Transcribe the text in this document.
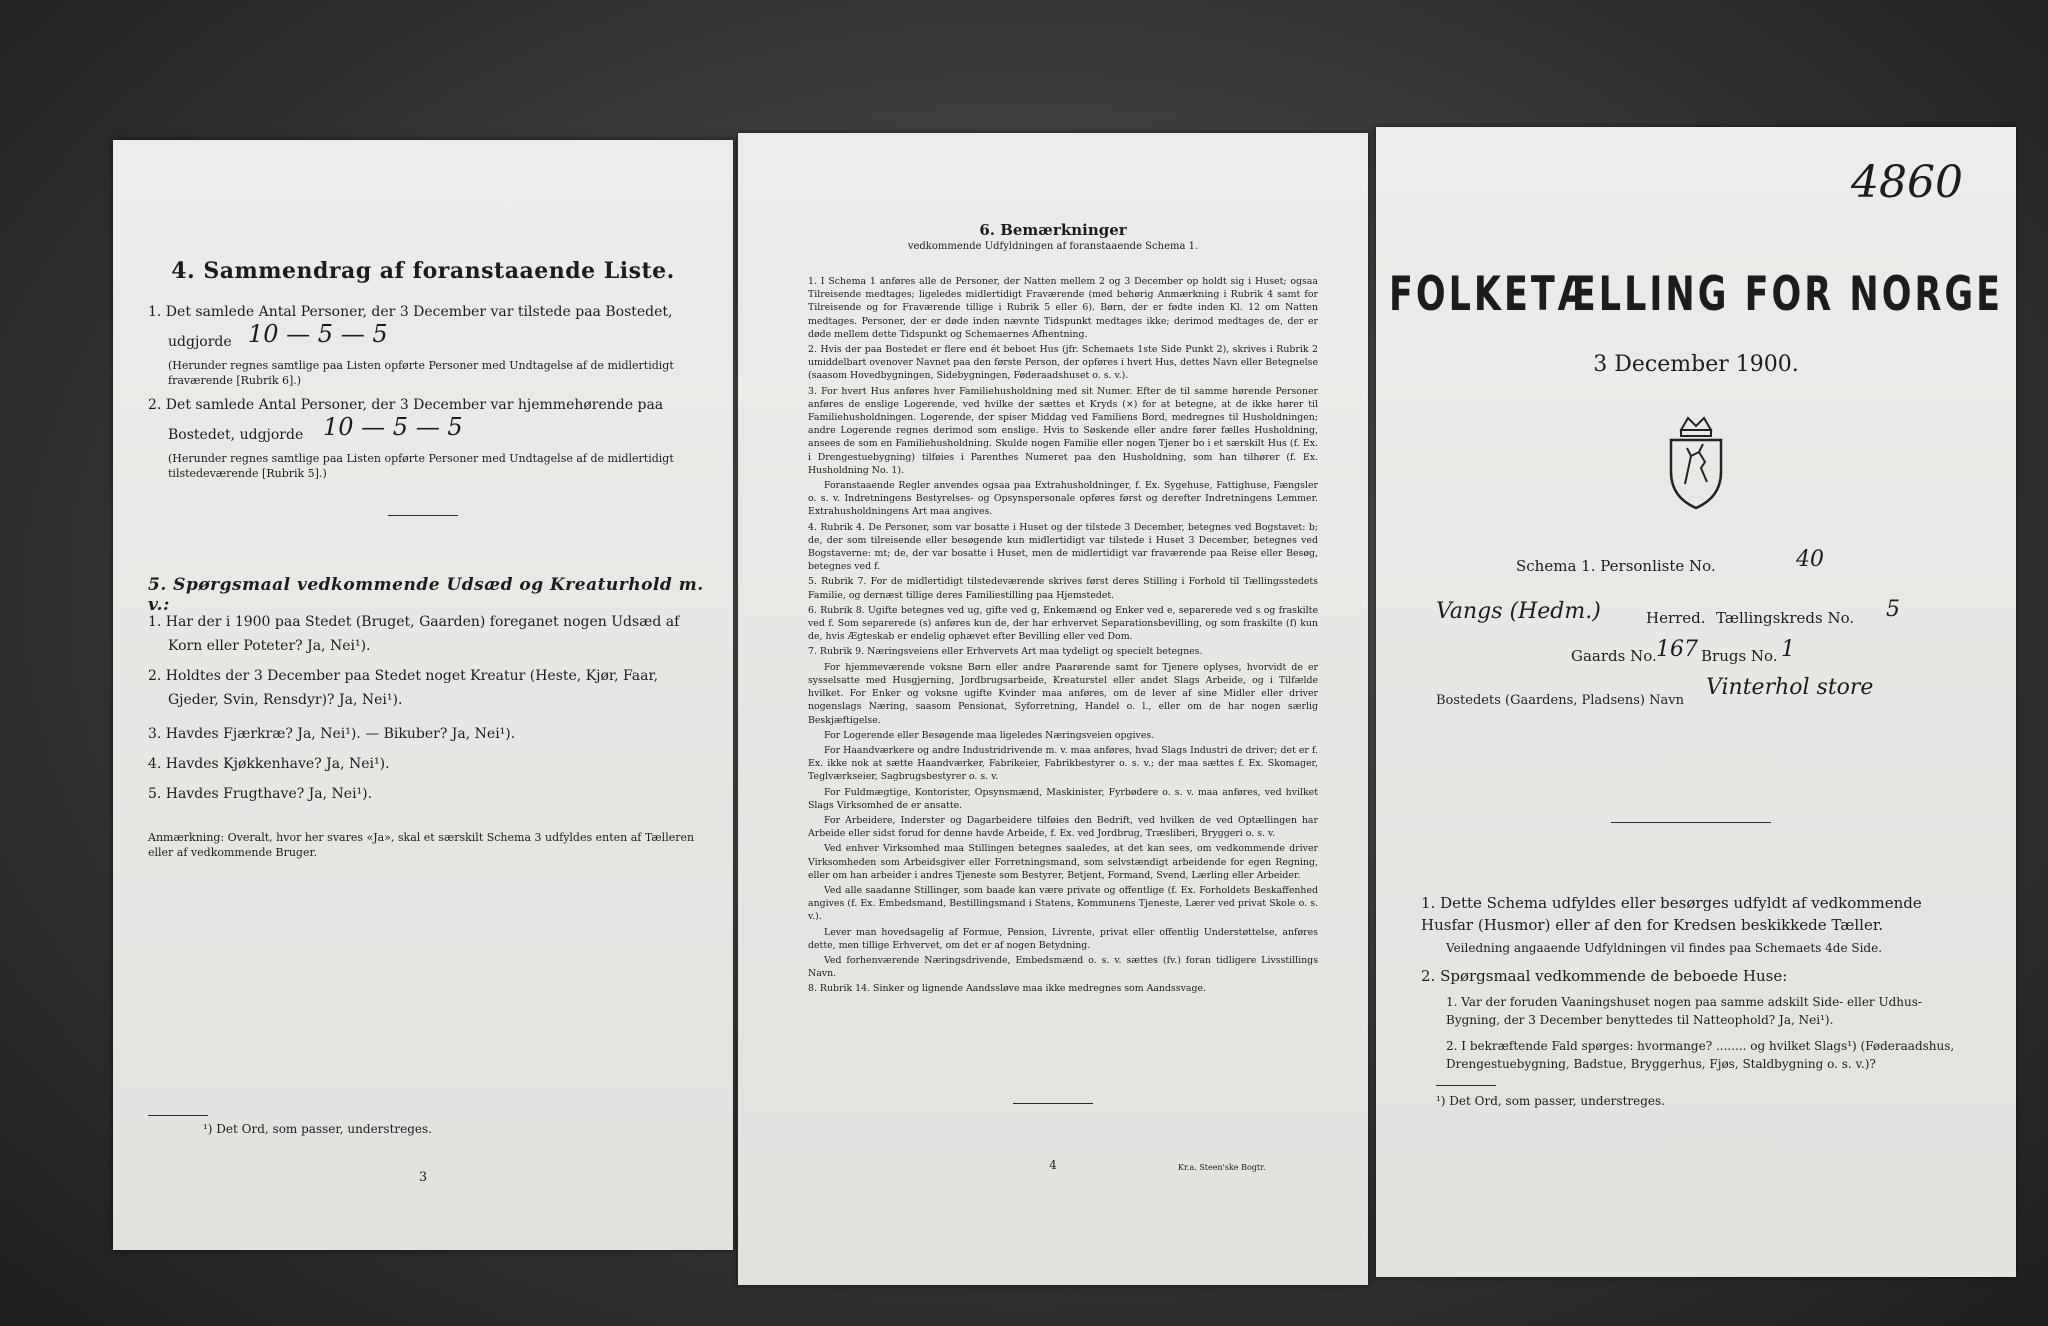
4. Sammendrag af foranstaaende Liste.
1. Det samlede Antal Personer, der 3 December var tilstede paa Bostedet,
udgjorde 10 — 5 — 5
(Herunder regnes samtlige paa Listen opførte Personer med Undtagelse af de midlertidigt fraværende [Rubrik 6].)
2. Det samlede Antal Personer, der 3 December var hjemmehørende paa
Bostedet, udgjorde 10 — 5 — 5
(Herunder regnes samtlige paa Listen opførte Personer med Undtagelse af de midlertidigt tilstedeværende [Rubrik 5].)
5. Spørgsmaal vedkommende Udsæd og Kreaturhold m. v.:
1. Har der i 1900 paa Stedet (Bruget, Gaarden) foreganet nogen Udsæd af
Korn eller Poteter? Ja, Nei¹).
2. Holdtes der 3 December paa Stedet noget Kreatur (Heste, Kjør, Faar,
Gjeder, Svin, Rensdyr)? Ja, Nei¹).
3. Havdes Fjærkræ? Ja, Nei¹). — Bikuber? Ja, Nei¹).
4. Havdes Kjøkkenhave? Ja, Nei¹).
5. Havdes Frugthave? Ja, Nei¹).
Anmærkning: Overalt, hvor her svares «Ja», skal et særskilt Schema 3 udfyldes enten af Tælleren eller af vedkommende Bruger.
¹) Det Ord, som passer, understreges.
3
6. Bemærkninger
vedkommende Udfyldningen af foranstaaende Schema 1.

1. I Schema 1 anføres alle de Personer, der Natten mellem 2 og 3 December op holdt sig i Huset; ogsaa Tilreisende medtages; ligeledes midlertidigt Fraværende (med behørig Anmærkning i Rubrik 4 samt for Tilreisende og for Fraværende tillige i Rubrik 5 eller 6). Børn, der er fødte inden Kl. 12 om Natten medtages. Personer, der er døde inden nævnte Tidspunkt medtages ikke; derimod medtages de, der er døde mellem dette Tidspunkt og Schemaernes Afhentning.

2. Hvis der paa Bostedet er flere end ét beboet Hus (jfr. Schemaets 1ste Side Punkt 2), skrives i Rubrik 2 umiddelbart ovenover Navnet paa den første Person, der opføres i hvert Hus, dettes Navn eller Betegnelse (saasom Hovedbygningen, Sidebygningen, Føderaadshuset o. s. v.).

3. For hvert Hus anføres hver Familiehusholdning med sit Numer. Efter de til samme hørende Personer anføres de enslige Logerende, ved hvilke der sættes et Kryds (×) for at betegne, at de ikke hører til Familiehusholdningen. Logerende, der spiser Middag ved Familiens Bord, medregnes til Husholdningen; andre Logerende regnes derimod som enslige. Hvis to Søskende eller andre fører fælles Husholdning, ansees de som en Familiehusholdning. Skulde nogen Familie eller nogen Tjener bo i et særskilt Hus (f. Ex. i Drengestuebygning) tilføies i Parenthes Numeret paa den Husholdning, som han tilhører (f. Ex. Husholdning No. 1).

Foranstaaende Regler anvendes ogsaa paa Extrahusholdninger, f. Ex. Sygehuse, Fattighuse, Fængsler o. s. v. Indretningens Bestyrelses- og Opsynspersonale opføres først og derefter Indretningens Lemmer. Extrahusholdningens Art maa angives.

4. Rubrik 4. De Personer, som var bosatte i Huset og der tilstede 3 December, betegnes ved Bogstavet: b; de, der som tilreisende eller besøgende kun midlertidigt var tilstede i Huset 3 December, betegnes ved Bogstaverne: mt; de, der var bosatte i Huset, men de midlertidigt var fraværende paa Reise eller Besøg, betegnes ved f.

5. Rubrik 7. For de midlertidigt tilstedeværende skrives først deres Stilling i Forhold til Tællingsstedets Familie, og dernæst tillige deres Familiestilling paa Hjemstedet.

6. Rubrik 8. Ugifte betegnes ved ug, gifte ved g, Enkemænd og Enker ved e, separerede ved s og fraskilte ved f. Som separerede (s) anføres kun de, der har erhvervet Separationsbevilling, og som fraskilte (f) kun de, hvis Ægteskab er endelig ophævet efter Bevilling eller ved Dom.

7. Rubrik 9. Næringsveiens eller Erhvervets Art maa tydeligt og specielt betegnes.

For hjemmeværende voksne Børn eller andre Paarørende samt for Tjenere oplyses, hvorvidt de er sysselsatte med Husgjerning, Jordbrugsarbeide, Kreaturstel eller andet Slags Arbeide, og i Tilfælde hvilket. For Enker og voksne ugifte Kvinder maa anføres, om de lever af sine Midler eller driver nogenslags Næring, saasom Pensionat, Syforretning, Handel o. l., eller om de har nogen særlig Beskjæftigelse.

For Logerende eller Besøgende maa ligeledes Næringsveien opgives.

For Haandværkere og andre Industridrivende m. v. maa anføres, hvad Slags Industri de driver; det er f. Ex. ikke nok at sætte Haandværker, Fabrikeier, Fabrikbestyrer o. s. v.; der maa sættes f. Ex. Skomager, Teglværkseier, Sagbrugsbestyrer o. s. v.

For Fuldmægtige, Kontorister, Opsynsmænd, Maskinister, Fyrbødere o. s. v. maa anføres, ved hvilket Slags Virksomhed de er ansatte.

For Arbeidere, Inderster og Dagarbeidere tilføies den Bedrift, ved hvilken de ved Optællingen har Arbeide eller sidst forud for denne havde Arbeide, f. Ex. ved Jordbrug, Træsliberi, Bryggeri o. s. v.

Ved enhver Virksomhed maa Stillingen betegnes saaledes, at det kan sees, om vedkommende driver Virksomheden som Arbeidsgiver eller Forretningsmand, som selvstændigt arbeidende for egen Regning, eller om han arbeider i andres Tjeneste som Bestyrer, Betjent, Formand, Svend, Lærling eller Arbeider.

Ved alle saadanne Stillinger, som baade kan være private og offentlige (f. Ex. Forholdets Beskaffenhed angives (f. Ex. Embedsmand, Bestillingsmand i Statens, Kommunens Tjeneste, Lærer ved privat Skole o. s. v.).

Lever man hovedsagelig af Formue, Pension, Livrente, privat eller offentlig Understøttelse, anføres dette, men tillige Erhvervet, om det er af nogen Betydning.

Ved forhenværende Næringsdrivende, Embedsmænd o. s. v. sættes (fv.) foran tidligere Livsstillings Navn.

8. Rubrik 14. Sinker og lignende Aandssløve maa ikke medregnes som Aandssvage.

4	Kr.a. Steen'ske Bogtr.
4860
FOLKETÆLLING FOR NORGE
3 December 1900.
Schema 1. Personliste No.	40
Vangs (Hedm.)	Herred. Tællingskreds No. 5
Gaards No. 167 Brugs No. 1
Bostedets (Gaardens, Pladsens) Navn
Vinterhol store
1. Dette Schema udfyldes eller besørges udfyldt af vedkommende Husfar (Husmor) eller af den for Kredsen beskikkede Tæller.
Veiledning angaaende Udfyldningen vil findes paa Schemaets 4de Side.
2. Spørgsmaal vedkommende de beboede Huse:
1. Var der foruden Vaaningshuset nogen paa samme adskilt Side- eller Udhus-Bygning, der 3 December benyttedes til Natteophold? Ja, Nei¹).
2. I bekræftende Fald spørges: hvormange? ........ og hvilket Slags¹) (Føderaadshus, Drengestuebygning, Badstue, Bryggerhus, Fjøs, Staldbygning o. s. v.)?
¹) Det Ord, som passer, understreges.
